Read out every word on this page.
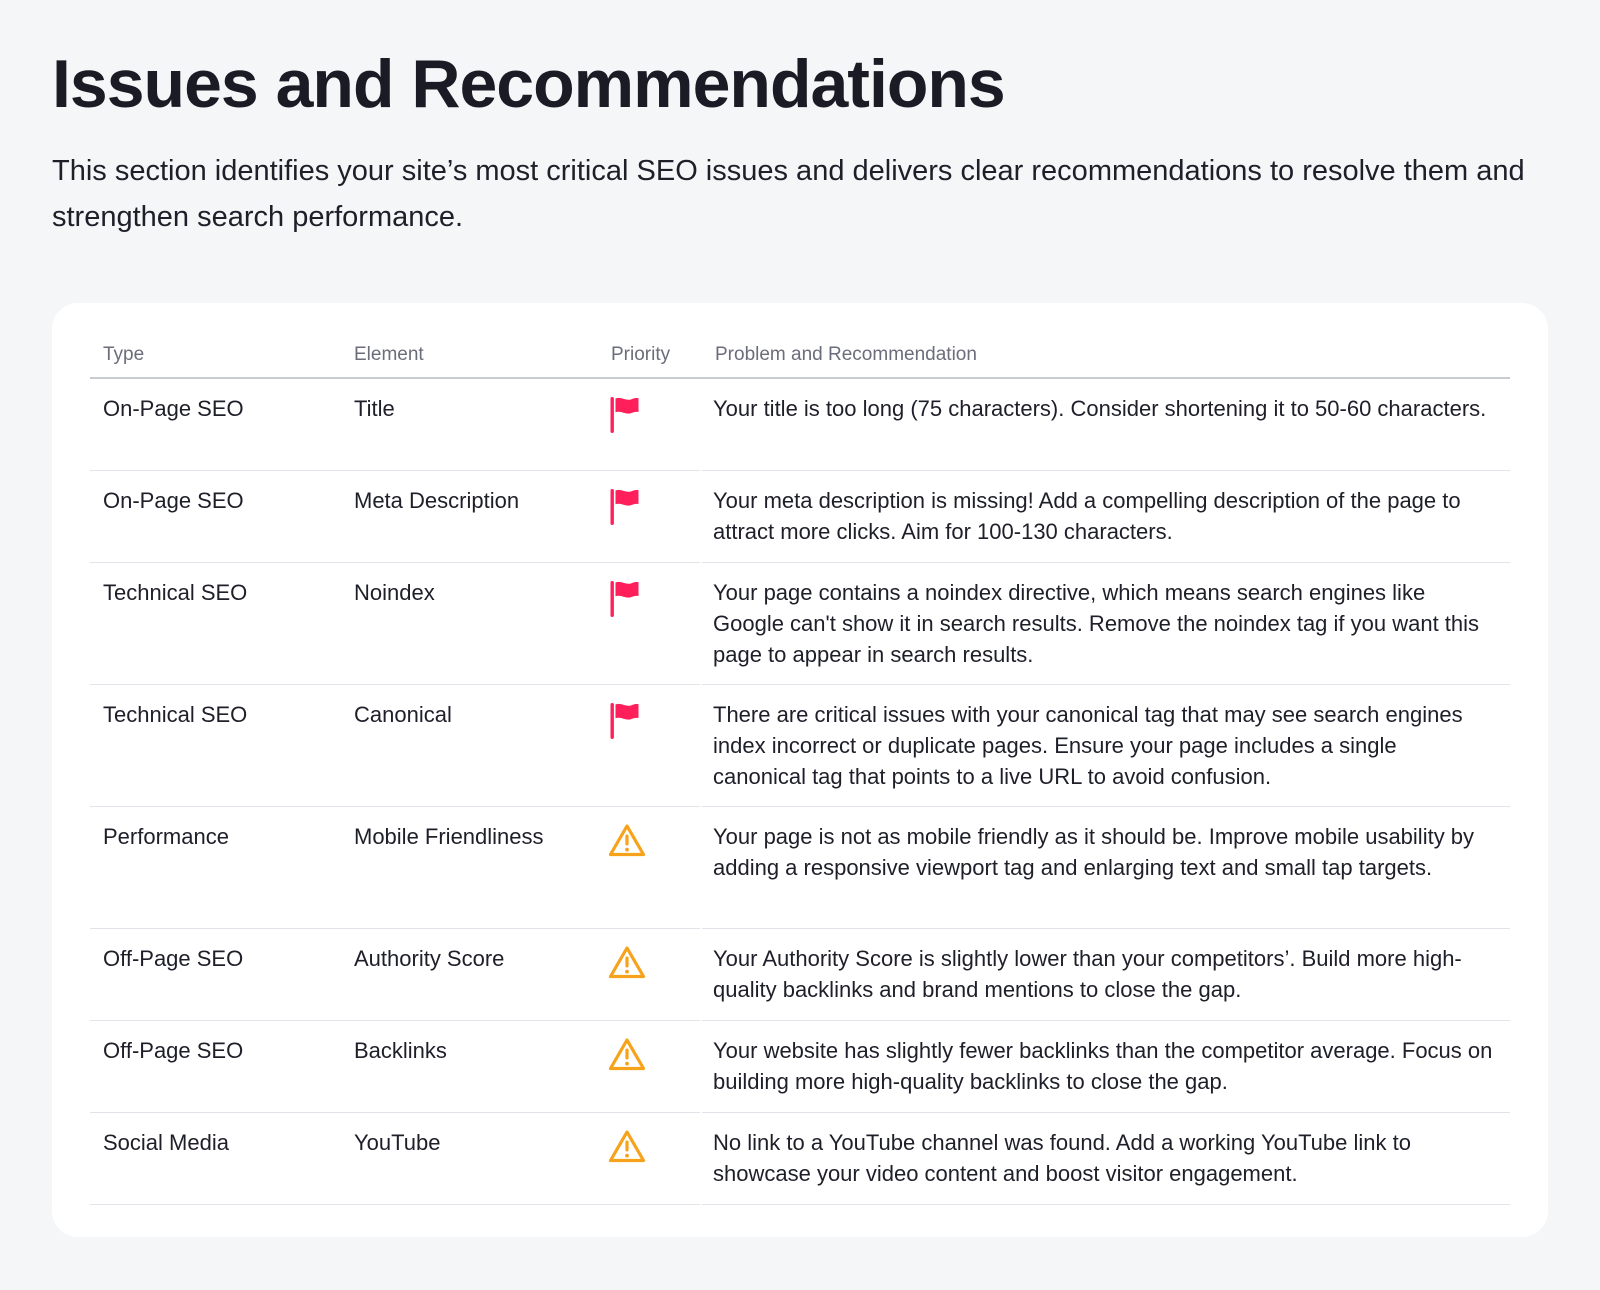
Issues and Recommendations

This section identifies your site’s most critical SEO issues and delivers clear recommendations to resolve them and strengthen search performance.

Type	Element	Priority	Problem and Recommendation
On-Page SEO	Title		Your title is too long (75 characters). Consider shortening it to 50-60 characters.
On-Page SEO	Meta Description		Your meta description is missing! Add a compelling description of the page to attract more clicks. Aim for 100-130 characters.
Technical SEO	Noindex		Your page contains a noindex directive, which means search engines like Google can't show it in search results. Remove the noindex tag if you want this page to appear in search results.
Technical SEO	Canonical		There are critical issues with your canonical tag that may see search engines index incorrect or duplicate pages. Ensure your page includes a single canonical tag that points to a live URL to avoid confusion.
Performance	Mobile Friendliness		Your page is not as mobile friendly as it should be. Improve mobile usability by adding a responsive viewport tag and enlarging text and small tap targets.
Off-Page SEO	Authority Score		Your Authority Score is slightly lower than your competitors’. Build more high-quality backlinks and brand mentions to close the gap.
Off-Page SEO	Backlinks		Your website has slightly fewer backlinks than the competitor average. Focus on building more high-quality backlinks to close the gap.
Social Media	YouTube		No link to a YouTube channel was found. Add a working YouTube link to showcase your video content and boost visitor engagement.
